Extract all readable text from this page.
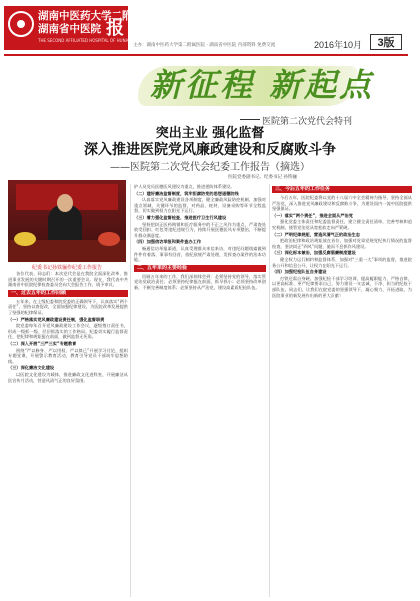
湖南中医药大学二附院
湖南省中医院 报
THE SECOND AFFILIATED HOSPITAL OF HUNAN UNIVERSITY OF CHINESE MEDICINE
主办：湖南中医药大学第二附属医院 · 湖南省中医院 内部资料 免费交流	2016年10月	3版
新征程 新起点
医院第二次党代会特刊
突出主业 强化监督
深入推进医院党风廉政建设和反腐败斗争
——医院第二次党代会纪委工作报告（摘选）
医院党委副书记、纪委书记 孙铁骊
纪委书记孙铁骊作纪委工作报告

各位代表、同志们：本次党代会是在我院全面深化改革、推进事业发展的关键时期召开的一次重要会议。现在，我代表中共湖南省中医院纪律检查委员会向大会报告工作，请予审议。

一、过去五年的工作回顾

五年来，在上级纪委和院党委的正确领导下，认真落实“两个责任”，坚持以查促改，全面加强纪律建设，为医院改革发展提供了坚强的纪律保证。

（一）严格落实党风廉政建设责任制，强化监督职责

院党委每年召开党风廉政建设工作会议，逐级签订责任书，形成一级抓一级、层层抓落实的工作格局。纪委切实履行监督责任，把纪律和规矩挺在前面，做到监督无死角。

（二）深入开展“三严三实”专题教育

围绕“严以修身、严以用权、严以律己”开展学习讨论，组织专题党课，开展警示教育活动，教育引导党员干部筑牢思想防线。

（三）深化廉洁文化建设

以医院文化建设为载体，推进廉政文化进科室，开展廉洁从医宣传月活动，营造风清气正的良好氛围。

护人员党员医德医风建设为重点，推进惩防体系建设。

（二）建好廉洁监督制度，筑牢拒腐防变的思想道德防线

认真落实党风廉政建设各项制度，健全廉政风险防控机制，加强对重点领域、关键环节的监督，对药品、耗材、设备采购等环节全程监督，切实做到权力在阳光下运行。

（三）着力强化监督检查，推进医疗卫生行风建设

坚持把纠正医药购销和医疗服务中的不正之风作为重点，严肃查处收受回扣、红包等违纪违规行为，持续开展医德医风专项整治，不断提升群众满意度。

（四）加强信访举报和案件查办工作

畅通信访举报渠道，认真受理群众来信来访，对违纪问题线索做到件件有着落、事事有回音，依纪依规严肃处理，发挥查办案件的治本功能。

二、五年来的主要经验

回顾五年来的工作，我们深刻体会到：必须坚持党的领导，落实管党治党政治责任；必须坚持纪律挺在前面，抓早抓小；必须坚持改革创新，不断完善制度体系；必须坚持从严治党，建设高素质纪检队伍。

三、今后五年的工作任务

今后五年，医院纪委将以党的十八届六中全会精神为指导，坚持全面从严治党，深入推进党风廉政建设和反腐败斗争，为建设国内一流中医院提供坚强保证。

（一）落实“两个责任”，推进全面从严治党

强化党委主体责任和纪委监督责任，建立健全责任清单，完善考核和追究机制，使管党治党从宽松软走向严紧硬。

（二）严明纪律规矩，营造风清气正的政治生态

把政治纪律和政治规矩放在首位，加强对党章党规党纪执行情况的监督检查，坚决纠正“四风”问题，驰而不息抓作风建设。

（三）深化标本兼治，加强反腐倡廉制度建设

健全权力运行制约和监督体系，加强对“三重一大”事项的监督，推进院务公开和信息公开，让权力在阳光下运行。

（四）加强纪检队伍自身建设

打铁还需自身硬。加强纪检干部学习培训，提高履职能力，严格自律，以更高标准、更严纪律要求自己，努力建设一支忠诚、干净、担当的纪检干部队伍。同志们，让我们在院党委的坚强领导下，凝心聚力，开拓进取，为医院事业的新发展作出新的更大贡献！
